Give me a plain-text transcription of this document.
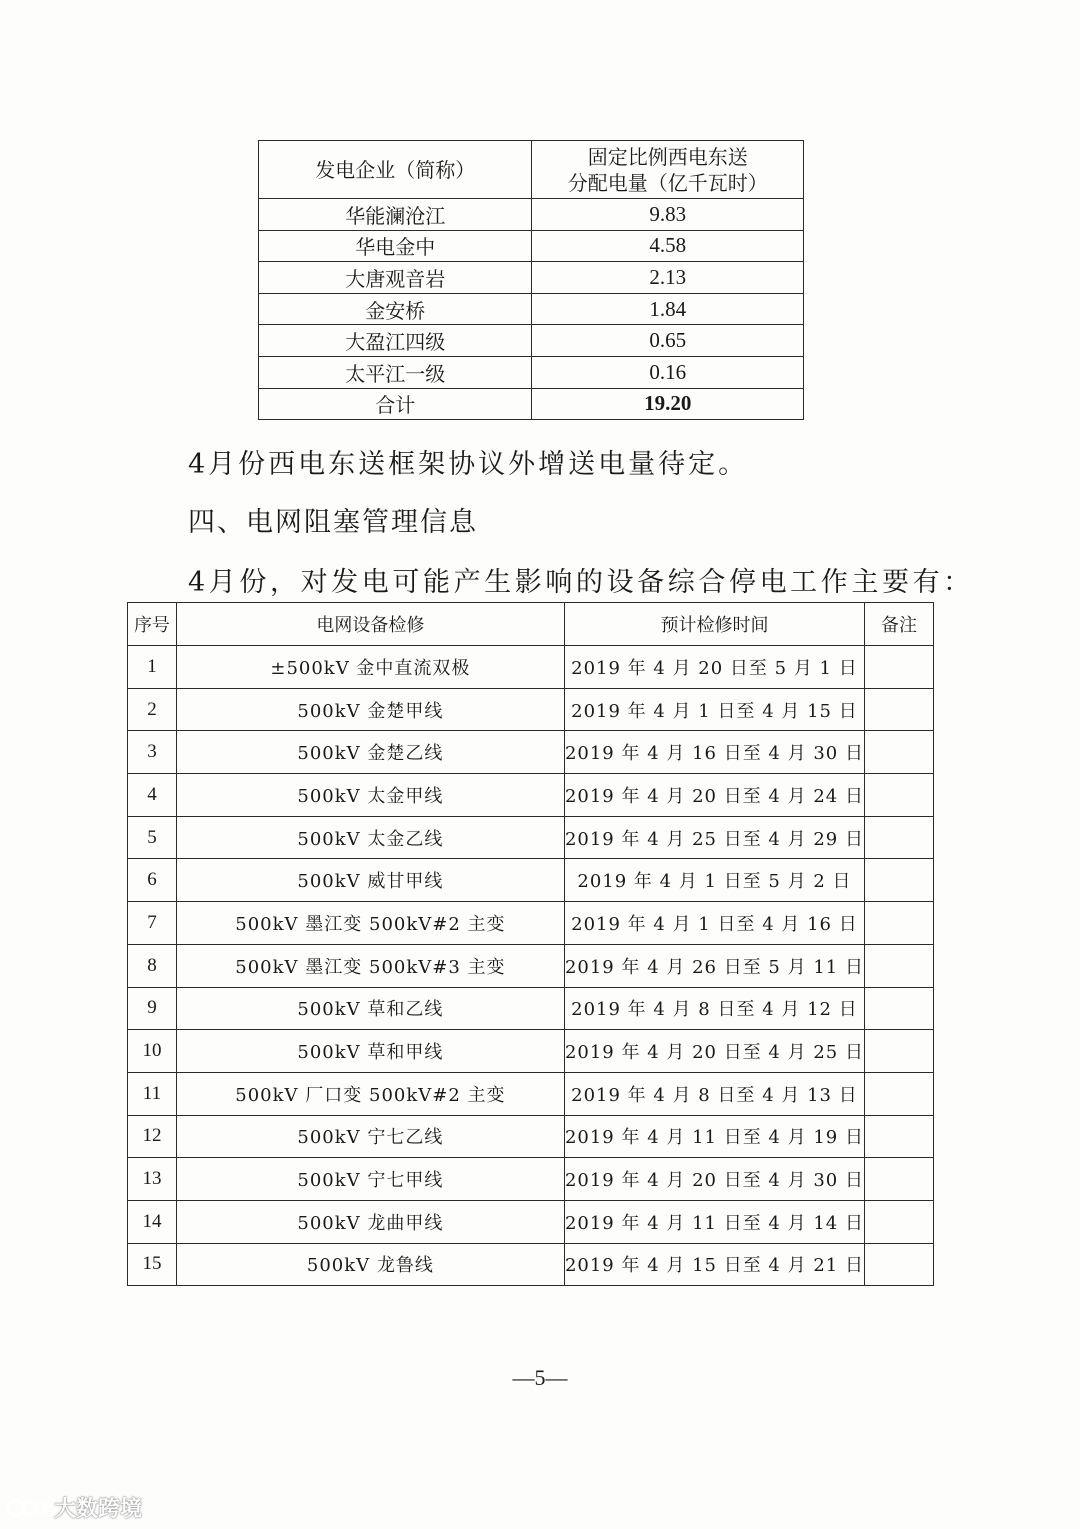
发电企业（简称）	固定比例西电东送
分配电量（亿千瓦时）

华能澜沧江	9.83
华电金中	4.58
大唐观音岩	2.13
金安桥	1.84
大盈江四级	0.65
太平江一级	0.16
合计	19.20
4月份西电东送框架协议外增送电量待定。
四、电网阻塞管理信息
4月份，对发电可能产生影响的设备综合停电工作主要有：
序号	电网设备检修	预计检修时间	备注
1	±500kV 金中直流双极	2019 年 4 月 20 日至 5 月 1 日	
2	500kV 金楚甲线	2019 年 4 月 1 日至 4 月 15 日	
3	500kV 金楚乙线	2019 年 4 月 16 日至 4 月 30 日	
4	500kV 太金甲线	2019 年 4 月 20 日至 4 月 24 日	
5	500kV 太金乙线	2019 年 4 月 25 日至 4 月 29 日	
6	500kV 威甘甲线	2019 年 4 月 1 日至 5 月 2 日	
7	500kV 墨江变 500kV#2 主变	2019 年 4 月 1 日至 4 月 16 日	
8	500kV 墨江变 500kV#3 主变	2019 年 4 月 26 日至 5 月 11 日	
9	500kV 草和乙线	2019 年 4 月 8 日至 4 月 12 日	
10	500kV 草和甲线	2019 年 4 月 20 日至 4 月 25 日	
11	500kV 厂口变 500kV#2 主变	2019 年 4 月 8 日至 4 月 13 日	
12	500kV 宁七乙线	2019 年 4 月 11 日至 4 月 19 日	
13	500kV 宁七甲线	2019 年 4 月 20 日至 4 月 30 日	
14	500kV 龙曲甲线	2019 年 4 月 11 日至 4 月 14 日	
15	500kV 龙鲁线	2019 年 4 月 15 日至 4 月 21 日	
—5—
大数跨境
